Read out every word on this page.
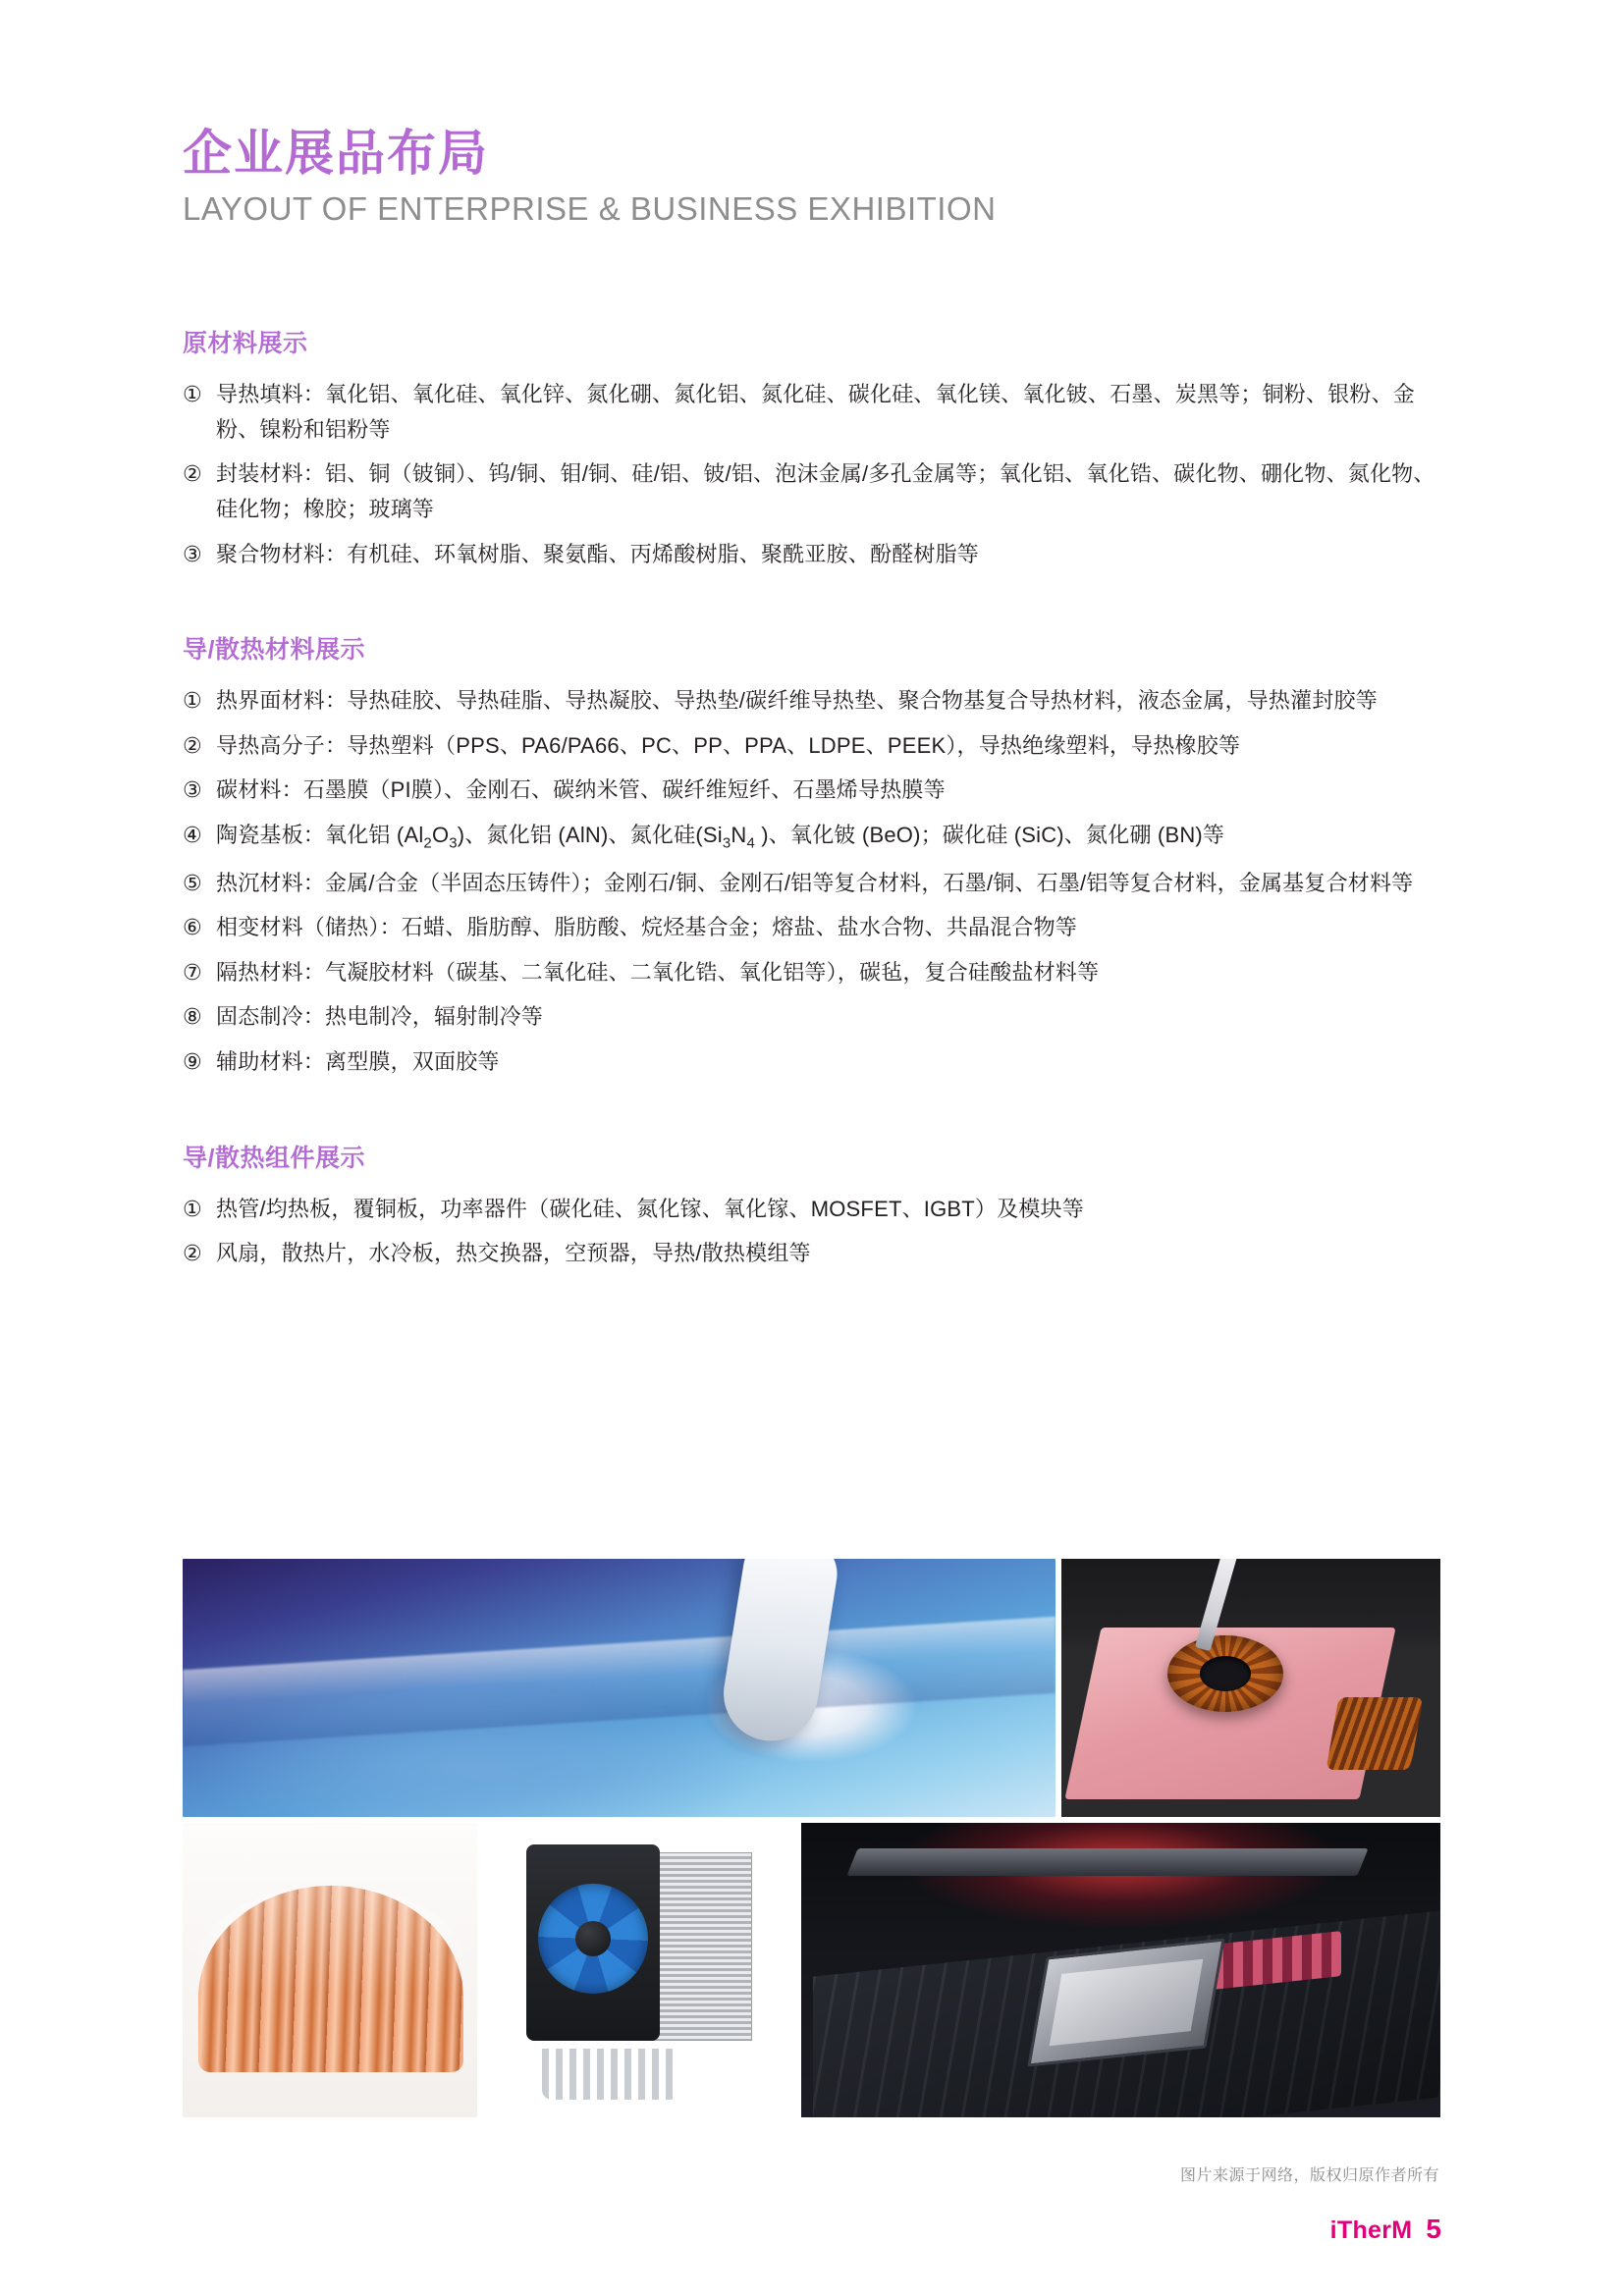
企业展品布局
LAYOUT OF ENTERPRISE & BUSINESS EXHIBITION
原材料展示
① 导热填料：氧化铝、氧化硅、氧化锌、氮化硼、氮化铝、氮化硅、碳化硅、氧化镁、氧化铍、石墨、炭黑等；铜粉、银粉、金粉、镍粉和铝粉等
② 封装材料：铝、铜（铍铜）、钨/铜、钼/铜、硅/铝、铍/铝、泡沫金属/多孔金属等；氧化铝、氧化锆、碳化物、硼化物、氮化物、硅化物；橡胶；玻璃等
③ 聚合物材料：有机硅、环氧树脂、聚氨酯、丙烯酸树脂、聚酰亚胺、酚醛树脂等
导/散热材料展示
① 热界面材料：导热硅胶、导热硅脂、导热凝胶、导热垫/碳纤维导热垫、聚合物基复合导热材料，液态金属，导热灌封胶等
② 导热高分子：导热塑料（PPS、PA6/PA66、PC、PP、PPA、LDPE、PEEK），导热绝缘塑料，导热橡胶等
③ 碳材料：石墨膜（PI膜）、金刚石、碳纳米管、碳纤维短纤、石墨烯导热膜等
④ 陶瓷基板：氧化铝 $(Al_2O_3)$、氮化铝 (AlN)、氮化硅($Si_3N_4$ )、氧化铍 (BeO)；碳化硅 (SiC)、氮化硼 (BN)等
⑤ 热沉材料：金属/合金（半固态压铸件）；金刚石/铜、金刚石/铝等复合材料，石墨/铜、石墨/铝等复合材料，金属基复合材料等
⑥ 相变材料（储热）：石蜡、脂肪醇、脂肪酸、烷烃基合金；熔盐、盐水合物、共晶混合物等
⑦ 隔热材料：气凝胶材料（碳基、二氧化硅、二氧化锆、氧化铝等），碳毡，复合硅酸盐材料等
⑧ 固态制冷：热电制冷，辐射制冷等
⑨ 辅助材料：离型膜，双面胶等
导/散热组件展示
① 热管/均热板，覆铜板，功率器件（碳化硅、氮化镓、氧化镓、MOSFET、IGBT）及模块等
② 风扇，散热片，水冷板，热交换器，空预器，导热/散热模组等
图片来源于网络，版权归原作者所有
iTherM 5
